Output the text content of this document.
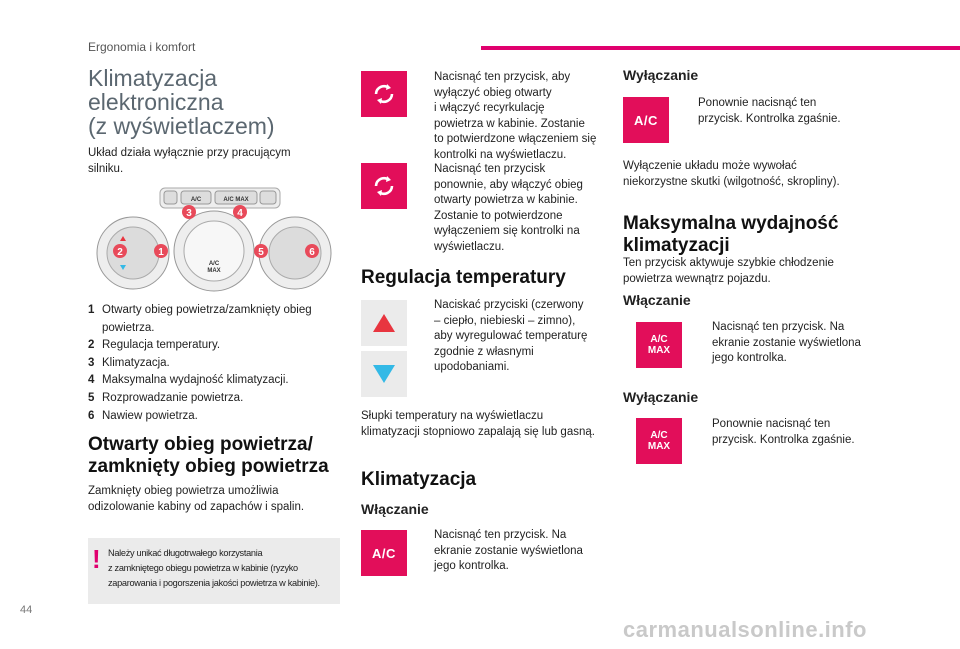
Ergonomia i komfort
Klimatyzacja
elektroniczna
(z wyświetlaczem)
Układ działa wyłącznie przy pracującym
silniku.
A/C	A/C MAX
A/C
MAX
2	1
3	4
5	6
1 Otwarty obieg powietrza/zamknięty obieg
powietrza.
2 Regulacja temperatury.
3 Klimatyzacja.
4 Maksymalna wydajność klimatyzacji.
5 Rozprowadzanie powietrza.
6 Nawiew powietrza.
Otwarty obieg powietrza/
zamknięty obieg powietrza
Zamknięty obieg powietrza umożliwia
odizolowanie kabiny od zapachów i spalin.
! Należy unikać długotrwałego korzystania
z zamkniętego obiegu powietrza w kabinie (ryzyko
zaparowania i pogorszenia jakości powietrza w kabinie).
Nacisnąć ten przycisk, aby
wyłączyć obieg otwarty
i włączyć recyrkulację
powietrza w kabinie. Zostanie
to potwierdzone włączeniem się
kontrolki na wyświetlaczu.
Nacisnąć ten przycisk
ponownie, aby włączyć obieg
otwarty powietrza w kabinie.
Zostanie to potwierdzone
wyłączeniem się kontrolki na
wyświetlaczu.
Regulacja temperatury
Naciskać przyciski (czerwony
– ciepło, niebieski – zimno),
aby wyregulować temperaturę
zgodnie z własnymi
upodobaniami.
Słupki temperatury na wyświetlaczu
klimatyzacji stopniowo zapalają się lub gasną.
Klimatyzacja
Włączanie
A/C
Nacisnąć ten przycisk. Na
ekranie zostanie wyświetlona
jego kontrolka.
Wyłączanie
A/C
Ponownie nacisnąć ten
przycisk. Kontrolka zgaśnie.
Wyłączenie układu może wywołać
niekorzystne skutki (wilgotność, skropliny).
Maksymalna wydajność
klimatyzacji
Ten przycisk aktywuje szybkie chłodzenie
powietrza wewnątrz pojazdu.
Włączanie
A/C
MAX
Nacisnąć ten przycisk. Na
ekranie zostanie wyświetlona
jego kontrolka.
Wyłączanie
A/C
MAX
Ponownie nacisnąć ten
przycisk. Kontrolka zgaśnie.
44
carmanualsonline.info
